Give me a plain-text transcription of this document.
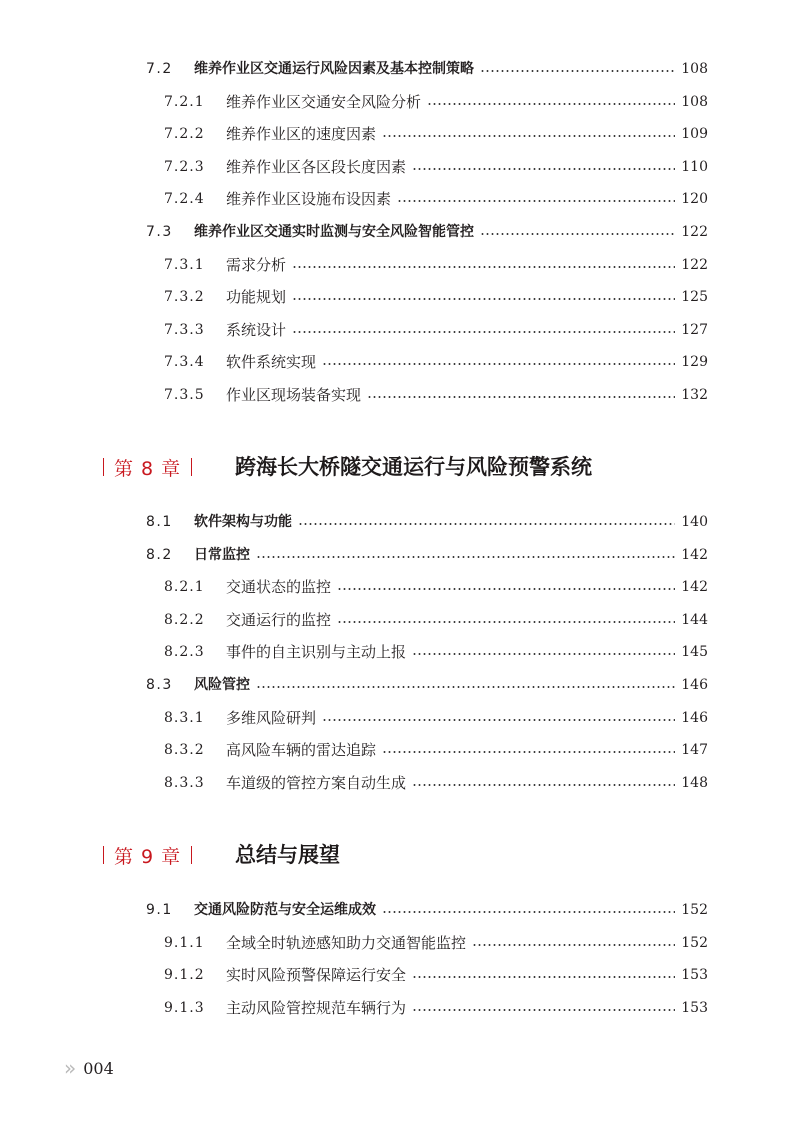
7.2	维养作业区交通运行风险因素及基本控制策略	108
7.2.1	维养作业区交通安全风险分析	108
7.2.2	维养作业区的速度因素	109
7.2.3	维养作业区各区段长度因素	110
7.2.4	维养作业区设施布设因素	120
7.3	维养作业区交通实时监测与安全风险智能管控	122
7.3.1	需求分析	122
7.3.2	功能规划	125
7.3.3	系统设计	127
7.3.4	软件系统实现	129
7.3.5	作业区现场装备实现	132
第 8 章	跨海长大桥隧交通运行与风险预警系统
8.1	软件架构与功能	140
8.2	日常监控	142
8.2.1	交通状态的监控	142
8.2.2	交通运行的监控	144
8.2.3	事件的自主识别与主动上报	145
8.3	风险管控	146
8.3.1	多维风险研判	146
8.3.2	高风险车辆的雷达追踪	147
8.3.3	车道级的管控方案自动生成	148
第 9 章	总结与展望
9.1	交通风险防范与安全运维成效	152
9.1.1	全域全时轨迹感知助力交通智能监控	152
9.1.2	实时风险预警保障运行安全	153
9.1.3	主动风险管控规范车辆行为	153
» 004
